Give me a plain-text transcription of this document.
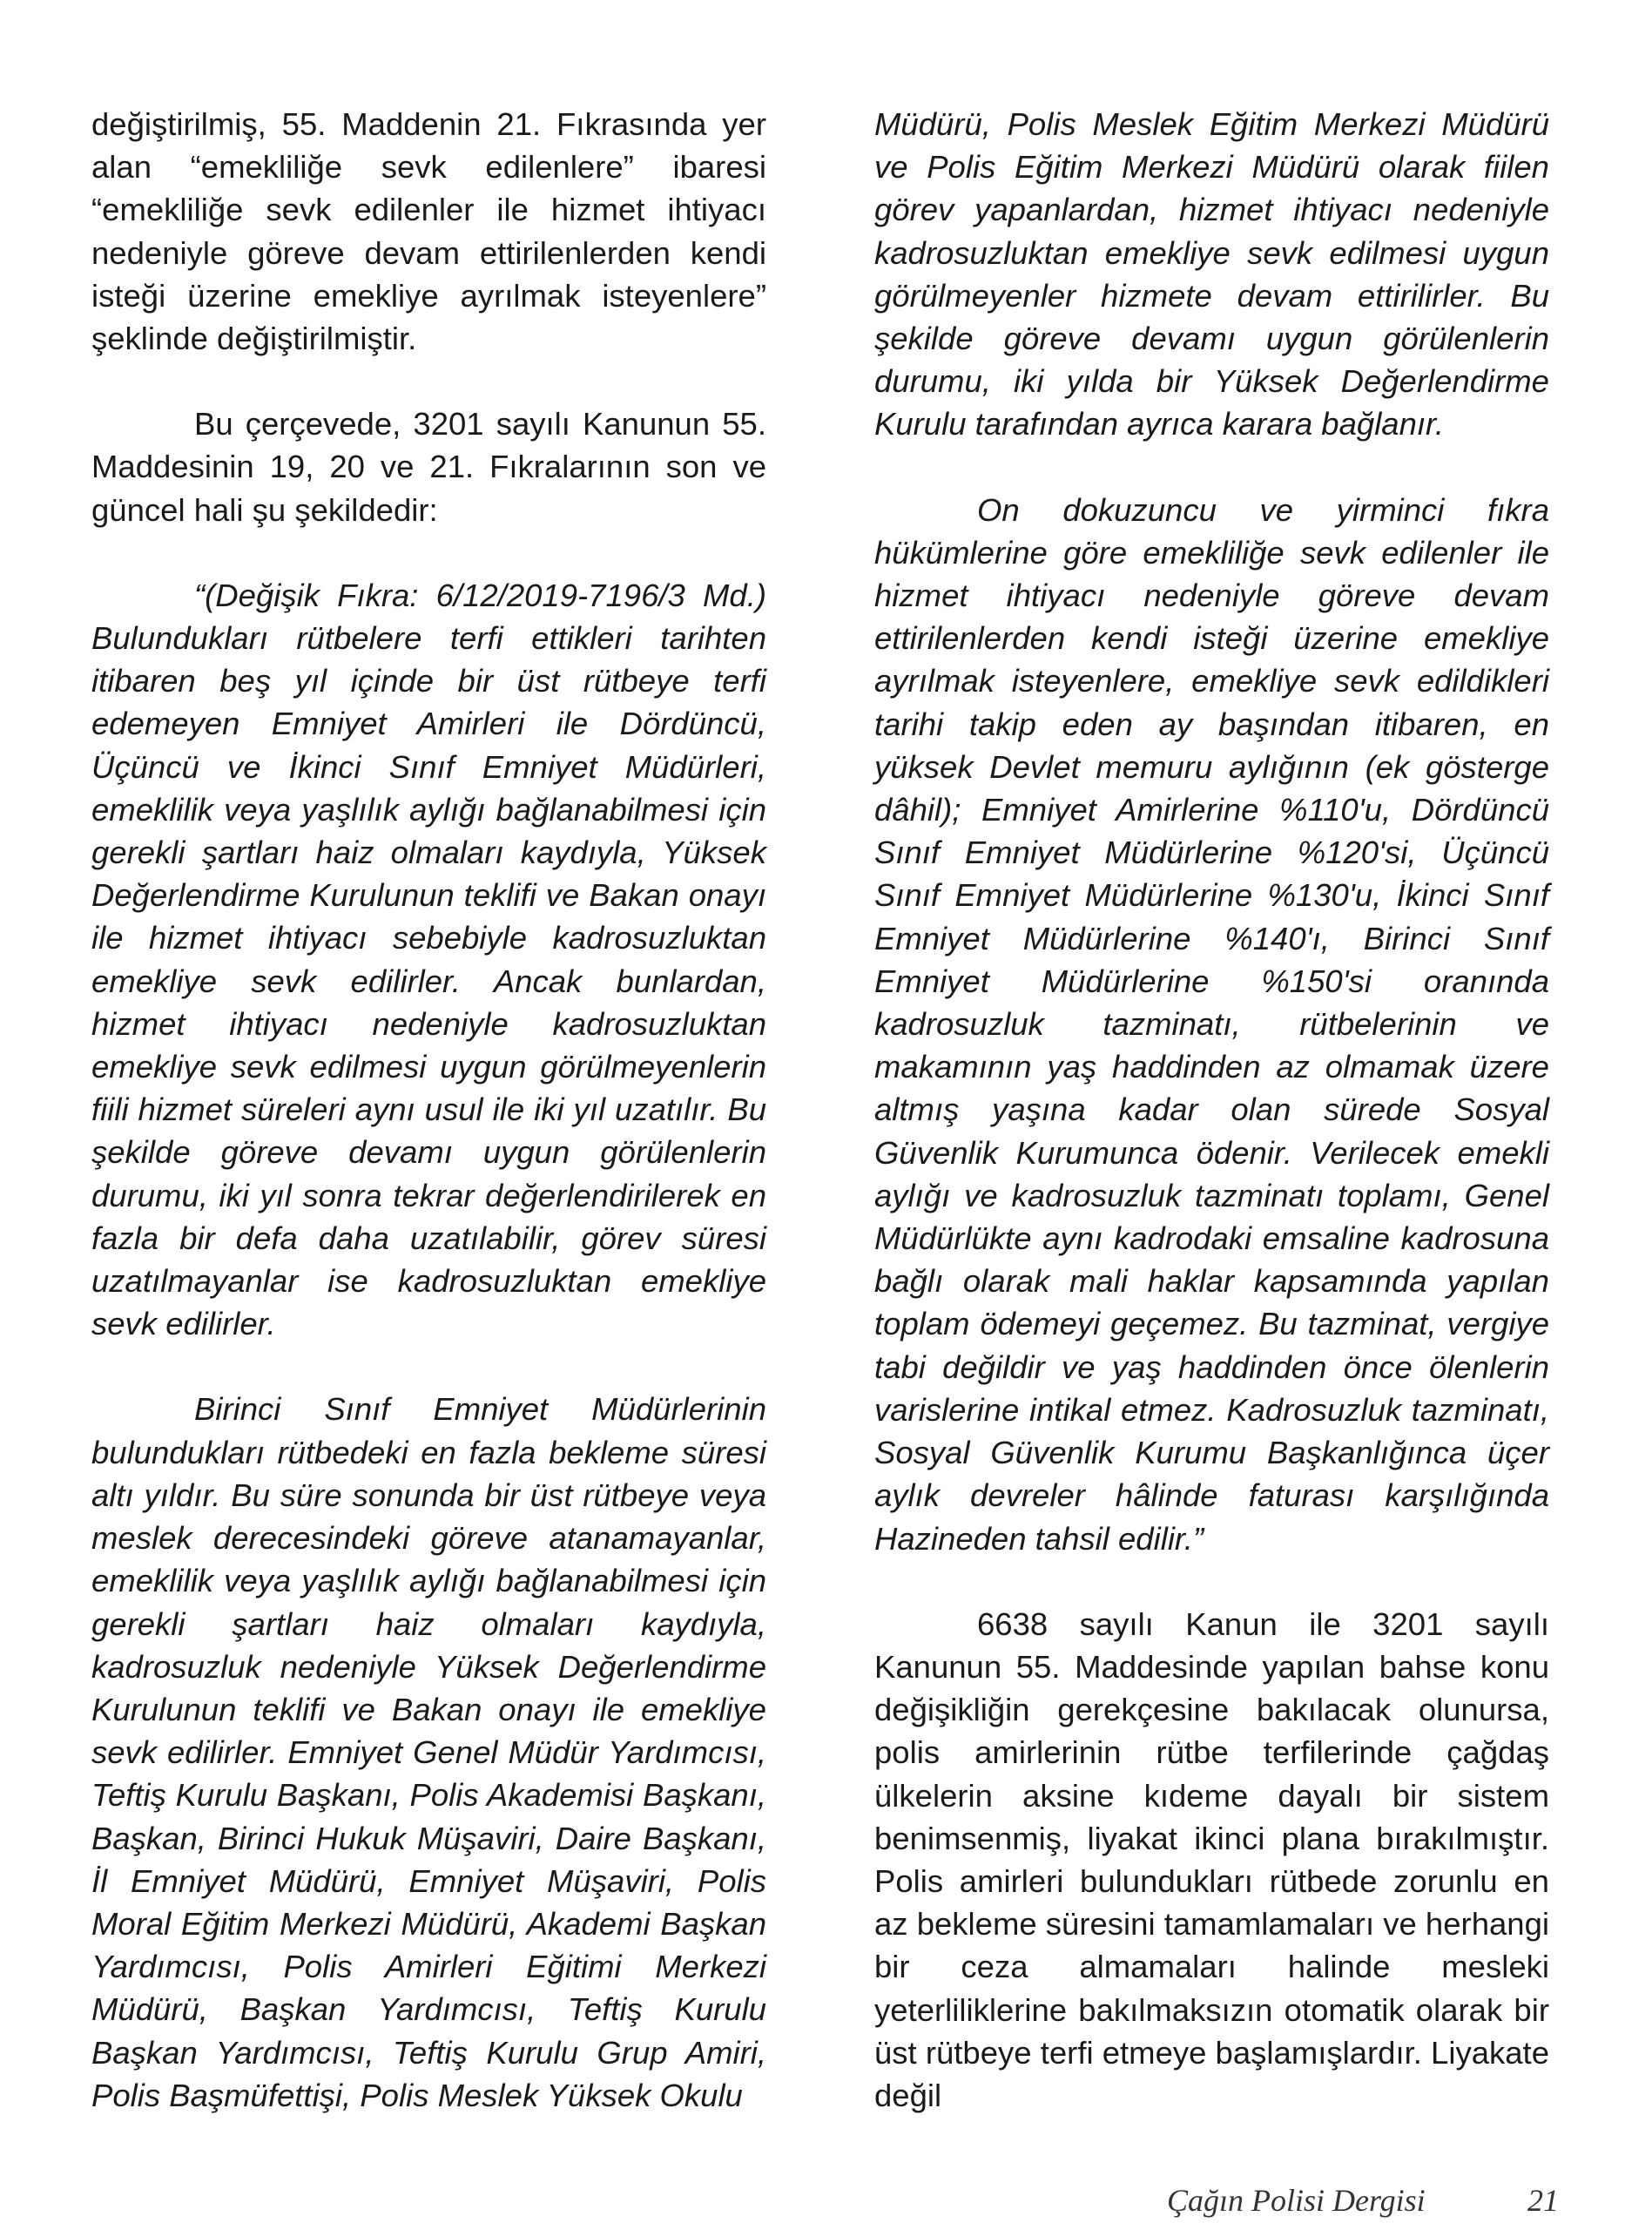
değiştirilmiş, 55. Maddenin 21. Fıkrasında yer alan “emekliliğe sevk edilenlere” ibaresi “emekliliğe sevk edilenler ile hizmet ihtiyacı nedeniyle göreve devam ettirilenlerden kendi isteği üzerine emekliye ayrılmak isteyenlere” şeklinde değiştirilmiştir.

Bu çerçevede, 3201 sayılı Kanunun 55. Maddesinin 19, 20 ve 21. Fıkralarının son ve güncel hali şu şekildedir:

“(Değişik Fıkra: 6/12/2019-7196/3 Md.) Bulundukları rütbelere terfi ettikleri tarihten itibaren beş yıl içinde bir üst rütbeye terfi edemeyen Emniyet Amirleri ile Dördüncü, Üçüncü ve İkinci Sınıf Emniyet Müdürleri, emeklilik veya yaşlılık aylığı bağlanabilmesi için gerekli şartları haiz olmaları kaydıyla, Yüksek Değerlendirme Kurulunun teklifi ve Bakan onayı ile hizmet ihtiyacı sebebiyle kadrosuzluktan emekliye sevk edilirler. Ancak bunlardan, hizmet ihtiyacı nedeniyle kadrosuzluktan emekliye sevk edilmesi uygun görülmeyenlerin fiili hizmet süreleri aynı usul ile iki yıl uzatılır. Bu şekilde göreve devamı uygun görülenlerin durumu, iki yıl sonra tekrar değerlendirilerek en fazla bir defa daha uzatılabilir, görev süresi uzatılmayanlar ise kadrosuzluktan emekliye sevk edilirler.

Birinci Sınıf Emniyet Müdürlerinin bulundukları rütbedeki en fazla bekleme süresi altı yıldır. Bu süre sonunda bir üst rütbeye veya meslek derecesindeki göreve atanamayanlar, emeklilik veya yaşlılık aylığı bağlanabilmesi için gerekli şartları haiz olmaları kaydıyla, kadrosuzluk nedeniyle Yüksek Değerlendirme Kurulunun teklifi ve Bakan onayı ile emekliye sevk edilirler. Emniyet Genel Müdür Yardımcısı, Teftiş Kurulu Başkanı, Polis Akademisi Başkanı, Başkan, Birinci Hukuk Müşaviri, Daire Başkanı, İl Emniyet Müdürü, Emniyet Müşaviri, Polis Moral Eğitim Merkezi Müdürü, Akademi Başkan Yardımcısı, Polis Amirleri Eğitimi Merkezi Müdürü, Başkan Yardımcısı, Teftiş Kurulu Başkan Yardımcısı, Teftiş Kurulu Grup Amiri, Polis Başmüfettişi, Polis Meslek Yüksek Okulu

Müdürü, Polis Meslek Eğitim Merkezi Müdürü ve Polis Eğitim Merkezi Müdürü olarak fiilen görev yapanlardan, hizmet ihtiyacı nedeniyle kadrosuzluktan emekliye sevk edilmesi uygun görülmeyenler hizmete devam ettirilirler. Bu şekilde göreve devamı uygun görülenlerin durumu, iki yılda bir Yüksek Değerlendirme Kurulu tarafından ayrıca karara bağlanır.

On dokuzuncu ve yirminci fıkra hükümlerine göre emekliliğe sevk edilenler ile hizmet ihtiyacı nedeniyle göreve devam ettirilenlerden kendi isteği üzerine emekliye ayrılmak isteyenlere, emekliye sevk edildikleri tarihi takip eden ay başından itibaren, en yüksek Devlet memuru aylığının (ek gösterge dâhil); Emniyet Amirlerine %110'u, Dördüncü Sınıf Emniyet Müdürlerine %120'si, Üçüncü Sınıf Emniyet Müdürlerine %130'u, İkinci Sınıf Emniyet Müdürlerine %140'ı, Birinci Sınıf Emniyet Müdürlerine %150'si oranında kadrosuzluk tazminatı, rütbelerinin ve makamının yaş haddinden az olmamak üzere altmış yaşına kadar olan sürede Sosyal Güvenlik Kurumunca ödenir. Verilecek emekli aylığı ve kadrosuzluk tazminatı toplamı, Genel Müdürlükte aynı kadrodaki emsaline kadrosuna bağlı olarak mali haklar kapsamında yapılan toplam ödemeyi geçemez. Bu tazminat, vergiye tabi değildir ve yaş haddinden önce ölenlerin varislerine intikal etmez. Kadrosuzluk tazminatı, Sosyal Güvenlik Kurumu Başkanlığınca üçer aylık devreler hâlinde faturası karşılığında Hazineden tahsil edilir.”

6638 sayılı Kanun ile 3201 sayılı Kanunun 55. Maddesinde yapılan bahse konu değişikliğin gerekçesine bakılacak olunursa, polis amirlerinin rütbe terfilerinde çağdaş ülkelerin aksine kıdeme dayalı bir sistem benimsenmiş, liyakat ikinci plana bırakılmıştır. Polis amirleri bulundukları rütbede zorunlu en az bekleme süresini tamamlamaları ve herhangi bir ceza almamaları halinde mesleki yeterliliklerine bakılmaksızın otomatik olarak bir üst rütbeye terfi etmeye başlamışlardır. Liyakate değil

Çağın Polisi Dergisi	21
